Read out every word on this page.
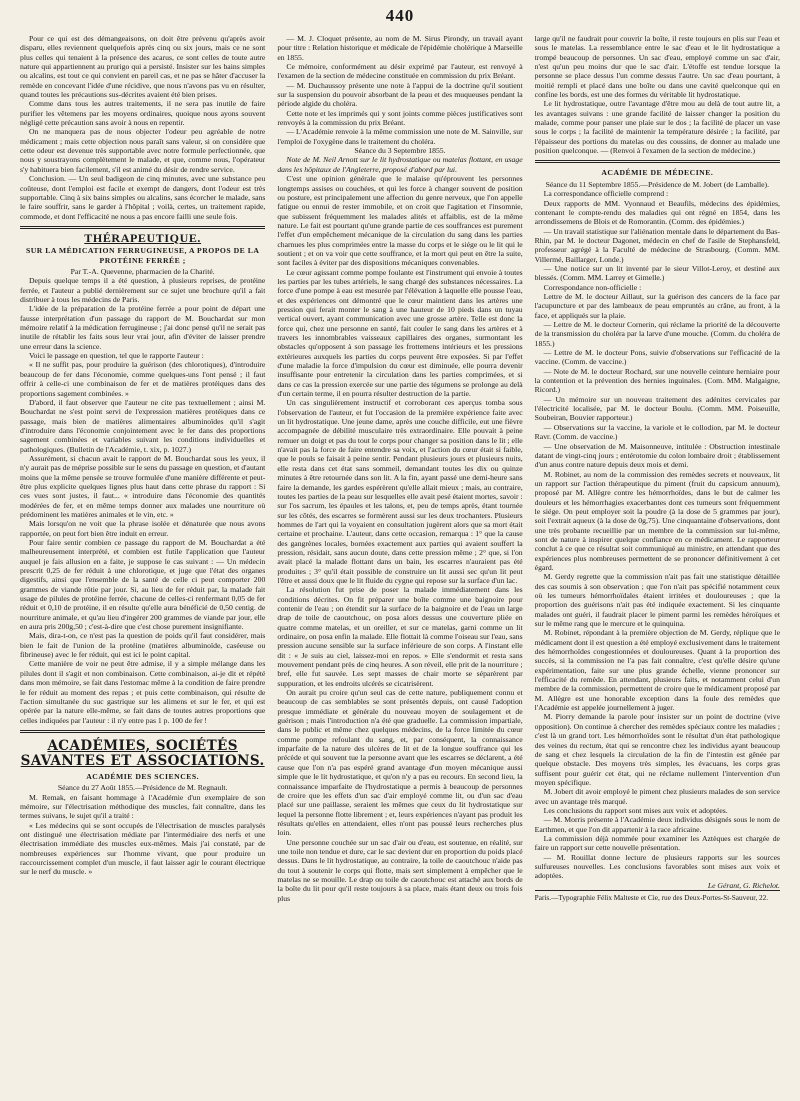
440

Pour ce qui est des démangeaisons, on doit être prévenu qu'après avoir disparu, elles reviennent quelquefois après cinq ou six jours, mais ce ne sont plus celles qui tenaient à la présence des acarus, ce sont celles de toute autre nature qui appartiennent au prurigo qui a persisté. Insister sur les bains simples ou alcalins, est tout ce qui convient en pareil cas, et ne pas se hâter d'accuser la remède en concevant l'idée d'une récidive, que nous n'avons pas vu en résulter, quand toutes les précautions sus-décrites avaient été bien prises.

Comme dans tous les autres traitements, il ne sera pas inutile de faire purifier les vêtemens par les moyens ordinaires, quoique nous ayons souvent négligé cette précaution sans avoir à nous en repentir.

On ne manquera pas de nous objecter l'odeur peu agréable de notre médicament ; mais cette objection nous paraît sans valeur, si on considère que cette odeur est devenue très supportable avec notre formule perfectionnée, que nous y soustrayons complètement le malade, et que, comme nous, l'opérateur s'y habituera bien facilement, s'il est animé du désir de rendre service.

Conclusion. — Un seul badigeon de cinq minutes, avec une substance peu coûteuse, dont l'emploi est facile et exempt de dangers, dont l'odeur est très supportable. Cinq à six bains simples ou alcalins, sans écorcher le malade, sans le faire souffrir, sans le garder à l'hôpital ; voilà, certes, un traitement rapide, commode, et dont l'efficacité ne nous a pas encore failli une seule fois.

THÉRAPEUTIQUE.
SUR LA MÉDICATION FERRUGINEUSE, A PROPOS DE LA PROTÉINE FERRÉE ;

Par T.-A. Quevenne, pharmacien de la Charité.

Depuis quelque temps il a été question, à plusieurs reprises, de protéine ferrée, et l'auteur a publié dernièrement sur ce sujet une brochure qu'il a fait distribuer à tous les médecins de Paris.

L'idée de la préparation de la protéine ferrée a pour point de départ une fausse interprétation d'un passage du rapport de M. Bouchardat sur mon mémoire relatif à la médication ferrugineuse ; j'ai donc pensé qu'il ne serait pas inutile de rétablir les faits sous leur vrai jour, afin d'éviter de laisser prendre une erreur dans la science.

Voici le passage en question, tel que le rapporte l'auteur :

« Il ne suffit pas, pour produire la guérison (des chlorotiques), d'introduire beaucoup de fer dans l'économie, comme quelques-uns l'ont pensé ; il faut offrir à celle-ci une combinaison de fer et de matières protéiques dans des proportions sagement combinées. »

D'abord, il faut observer que l'auteur ne cite pas textuellement ; ainsi M. Bouchardat ne s'est point servi de l'expression matières protéiques dans ce passage, mais bien de matières alimentaires albuminoïdes qu'il s'agit d'introduire dans l'économie conjointement avec le fer dans des proportions sagement combinées et variables suivant les conditions individuelles et pathologiques. (Bulletin de l'Académie, t. xix, p. 1027.)

Assurément, si chacun avait le rapport de M. Bouchardat sous les yeux, il n'y aurait pas de méprise possible sur le sens du passage en question, et d'autant moins que la même pensée se trouve formulée d'une manière différente et peut-être plus explicite quelques lignes plus haut dans cette phrase du rapport : Si ces vues sont justes, il faut... « introduire dans l'économie des quantités modérées de fer, et en même temps donner aux malades une nourriture où prédominent les matières animales et le vin, etc. »

Mais lorsqu'on ne voit que la phrase isolée et dénaturée que nous avons rapportée, on peut fort bien être induit en erreur.

Pour faire sentir combien ce passage du rapport de M. Bouchardat a été malheureusement interprété, et combien est futile l'application que l'auteur auquel je fais allusion en a faite, je suppose le cas suivant : — Un médecin prescrit 0,25 de fer réduit à une chlorotique, et juge que l'état des organes digestifs, ainsi que l'ensemble de la santé de celle ci peut comporter 200 grammes de viande rôtie par jour. Si, au lieu de fer réduit par, la malade fait usage de pilules de protéine ferrée, chacune de celles-ci renfermant 0,05 de fer réduit et 0,10 de protéine, il en résulte qu'elle aura bénéficié de 0,50 centig. de nourriture animale, et qu'au lieu d'ingérer 200 grammes de viande par jour, elle en aura pris 200g,50 ; c'est-à-dire que c'est chose purement insignifiante.

Mais, dira-t-on, ce n'est pas la question de poids qu'il faut considérer, mais bien le fait de l'union de la protéine (matières albuminoïde, caséeuse ou fibrineuse) avec le fer réduit, qui est ici le point capital.

Cette manière de voir ne peut être admise, il y a simple mélange dans les pilules dont il s'agit et non combinaison. Cette combinaison, ai-je dit et répété dans mon mémoire, se fait dans l'estomac même à la condition de faire prendre le fer réduit au moment des repas ; et puis cette combinaison, qui résulte de l'action simultanée du suc gastrique sur les alimens et sur le fer, et qui est opérée par la nature elle-même, se fait dans de toutes autres proportions que celles indiquées par l'auteur : il n'y entre pas 1 p. 100 de fer !

ACADÉMIES, SOCIÉTÉS SAVANTES ET ASSOCIATIONS.
ACADÉMIE DES SCIENCES.

Séance du 27 Août 1855.—Présidence de M. Regnault.

M. Remak, en faisant hommage à l'Académie d'un exemplaire de son mémoire, sur l'électrisation méthodique des muscles, fait connaître, dans les termes suivans, le sujet qu'il a traité :

« Les médecins qui se sont occupés de l'électrisation de muscles paralysés ont distingué une électrisation médiate par l'intermédiaire des nerfs et une électrisation immédiate des muscles eux-mêmes. Mais j'ai constaté, par de nombreuses expériences sur l'homme vivant, que pour produire un raccourcissement complet d'un muscle, il faut laisser agir le courant électrique sur le nerf du muscle. »

— M. J. Cloquet présente, au nom de M. Sirus Pirondy, un travail ayant pour titre : Relation historique et médicale de l'épidémie cholérique à Marseille en 1855.

Ce mémoire, conformément au désir exprimé par l'auteur, est renvoyé à l'examen de la section de médecine constituée en commission du prix Bréant.

— M. Duchaussoy présente une note à l'appui de la doctrine qu'il soutient sur la suspension du pouvoir absorbant de la peau et des muqueuses pendant la période algide du choléra.

Cette note et les imprimés qui y sont joints comme pièces justificatives sont renvoyés à la commission du prix Bréant.

— L'Académie renvoie à la même commission une note de M. Sainville, sur l'emploi de l'oxygène dans le traitement du choléra.

Séance du 3 Septembre 1855.

Note de M. Neil Arnott sur le lit hydrostatique ou matelas flottant, en usage dans les hôpitaux de l'Angleterre, proposé d'abord par lui.

C'est une opinion générale que le malaise qu'éprouvent les personnes longtemps assises ou couchées, et qui les force à changer souvent de position ou posture, est principalement une affection du genre nerveux, que l'on appelle fatigue ou ennui de rester immobile, et on croit que l'agitation et l'insomnie, que subissent fréquemment les malades alités et affaiblis, est de la même nature. Le fait est pourtant qu'une grande partie de ces souffrances est purement l'effet d'un empêchement mécanique de la circulation du sang dans les parties charnues les plus comprimées entre la masse du corps et le siége ou le lit qui le soutient ; et on va voir que cette souffrance, et la mort qui peut en être la suite, sont faciles à éviter par des dispositions mécaniques convenables.

Le cœur agissant comme pompe foulante est l'instrument qui envoie à toutes les parties par les tubes artériels, le sang chargé des substances nécessaires. La force d'une pompe à eau est mesurée par l'élévation à laquelle elle pousse l'eau, et des expériences ont démontré que le cœur maintient dans les artères une pression qui ferait monter le sang à une hauteur de 10 pieds dans un tuyau vertical ouvert, ayant communication avec une grosse artère. Telle est donc la force qui, chez une personne en santé, fait couler le sang dans les artères et à travers les innombrables vaisseaux capillaires des organes, surmontant les obstacles qu'opposent à son passage les frottemens intérieurs et les pressions extérieures auxquels les parties du corps peuvent être exposées. Si par l'effet d'une maladie la force d'impulsion du cœur est diminuée, elle pourra devenir insuffisante pour entretenir la circulation dans les parties comprimées, et si dans ce cas la pression exercée sur une partie des tégumens se prolonge au delà d'un certain terme, il en pourra résulter destruction de la partie.

Un cas singulièrement instructif et corroborant ces aperçus tomba sous l'observation de l'auteur, et fut l'occasion de la première expérience faite avec un lit hydrostatique. Une jeune dame, après une couche difficile, eut une fièvre accompagnée de débilité musculaire très extraordinaire. Elle pouvait à peine remuer un doigt et pas du tout le corps pour changer sa position dans le lit ; elle n'avait pas la force de faire entendre sa voix, et l'action du cœur était si faible, que le pouls se faisait à peine sentir. Pendant plusieurs jours et plusieurs nuits, elle resta dans cet état sans sommeil, demandant toutes les dix ou quinze minutes à être retournée dans son lit. A la fin, ayant passé une demi-heure sans faire la demande, les gardes espérèrent qu'elle allait mieux ; mais, au contraire, toutes les parties de la peau sur lesquelles elle avait pesé étaient mortes, savoir : sur l'os sacrum, les épaules et les talons, et, peu de temps après, étant tournée sur les côtés, des escarres se formèrent aussi sur les deux trochanters. Plusieurs hommes de l'art qui la voyaient en consultation jugèrent alors que sa mort était certaine et prochaine. L'auteur, dans cette occasion, remarqua : 1° que la cause des gangrènes locales, bornées exactement aux parties qui avaient souffert la pression, résidait, sans aucun doute, dans cette pression même ; 2° que, si l'on avait placé la malade flottant dans un bain, les escarres n'auraient pas été produites ; 3° qu'il était possible de construire un lit aussi sec qu'un lit peut l'être et aussi doux que le lit fluide du cygne qui repose sur la surface d'un lac.

La résolution fut prise de poser la malade immédiatement dans les conditions décrites. On fit préparer une boîte comme une baignoire pour contenir de l'eau ; on étendit sur la surface de la baignoire et de l'eau un large drap de toile de caoutchouc, on posa alors dessus une couverture pliée en quatre comme matelas, et un oreiller, et sur ce matelas, garni comme un lit ordinaire, on posa enfin la malade. Elle flottait là comme l'oiseau sur l'eau, sans pression aucune sensible sur la surface inférieure de son corps. A l'instant elle dit : « Je suis au ciel, laissez-moi en repos. » Elle s'endormit et resta sans mouvement pendant près de cinq heures. A son réveil, elle prit de la nourriture ; bref, elle fut sauvée. Les sept masses de chair morte se séparèrent par suppuration, et les endroits ulcérés se cicatrisèrent.

On aurait pu croire qu'un seul cas de cette nature, publiquement connu et beaucoup de cas semblables se sont présentés depuis, ont causé l'adoption presque immédiate et générale du nouveau moyen de soulagement et de guérison ; mais l'introduction n'a été que graduelle. La commission impartiale, dans le public et même chez quelques médecins, de la force limitée du cœur comme pompe refoulant du sang, et, par conséquent, la connaissance imparfaite de la nature des ulcères de lit et de la longue souffrance qui les précède et qui souvent tue la personne avant que les escarres se déclarent, a été cause que l'on n'a pas espéré grand avantage d'un moyen mécanique aussi simple que le lit hydrostatique, et qu'on n'y a pas eu recours. En second lieu, la connaissance imparfaite de l'hydrostatique a permis à beaucoup de personnes de croire que les effets d'un sac d'air employé comme lit, ou d'un sac d'eau placé sur une paillasse, seraient les mêmes que ceux du lit hydrostatique sur lequel la personne flotte librement ; et, leurs expériences n'ayant pas produit les résultats qu'elles en attendaient, elles n'ont pas poussé leurs recherches plus loin.

Une personne couchée sur un sac d'air ou d'eau, est soutenue, en réalité, sur une toile non tendue et dure, car le sac devient dur en proportion du poids placé dessus. Dans le lit hydrostatique, au contraire, la toile de caoutchouc n'aide pas du tout à soutenir le corps qui flotte, mais sert simplement à empêcher que le matelas ne se mouille. Le drap ou toile de caoutchouc est attaché aux bords de la boîte du lit pour qu'il reste toujours à sa place, mais étant deux ou trois fois plus

large qu'il ne faudrait pour couvrir la boîte, il reste toujours en plis sur l'eau et sous le matelas. La ressemblance entre le sac d'eau et le lit hydrostatique a trompé beaucoup de personnes. Un sac d'eau, employé comme un sac d'air, n'est qu'un peu moins dur que le sac d'air. L'étoffe est tendue lorsque la personne se place dessus l'un comme dessus l'autre. Un sac d'eau pourtant, à moitié rempli et placé dans une boîte ou dans une cavité quelconque qui en confine les bords, est une des formes du véritable lit hydrostatique.

Le lit hydrostatique, outre l'avantage d'être mou au delà de tout autre lit, a les avantages suivans : une grande facilité de laisser changer la position du malade, comme pour panser une plaie sur le dos ; la facilité de placer un vase sous le corps ; la facilité de maintenir la température désirée ; la facilité, par l'épaisseur des portions du matelas ou des coussins, de donner au malade une position quelconque. — (Renvoi à l'examen de la section de médecine.)

ACADÉMIE DE MÉDECINE.

Séance du 11 Septembre 1855.—Présidence de M. Jobert (de Lamballe).

La correspondance officielle comprend :

Deux rapports de MM. Vyonnaud et Beaufils, médecins des épidémies, contenant le compte-rendu des maladies qui ont régné en 1854, dans les arrondissemens de Blois et de Romorantin. (Comm. des épidémies.)

— Un travail statistique sur l'aliénation mentale dans le département du Bas-Rhin, par M. le docteur Dagonet, médecin en chef de l'asile de Stephansfeld, professeur agrégé à la Faculté de médecine de Strasbourg. (Comm. MM. Villermé, Baillarger, Londe.)

— Une notice sur un lit inventé par le sieur Villot-Leroy, et destiné aux blessés. (Comm. MM. Larrey et Gimelle.)

Correspondance non-officielle :

Lettre de M. le docteur Aillaut, sur la guérison des cancers de la face par l'acupuncture et par des lambeaux de peau empruntés au crâne, au front, à la face, et appliqués sur la plaie.

— Lettre de M. le docteur Cornerin, qui réclame la priorité de la découverte de la transmission du choléra par la larve d'une mouche. (Comm. du choléra de 1855.)

— Lettre de M. le docteur Pons, suivie d'observations sur l'efficacité de la vaccine. (Comm. de vaccine.)

— Note de M. le docteur Rochard, sur une nouvelle ceinture herniaire pour la contention et la prévention des hernies inguinales. (Com. MM. Malgaigne, Ricord.)

— Un mémoire sur un nouveau traitement des adénites cervicales par l'électricité localisée, par M. le docteur Boulu. (Comm. MM. Poiseuille, Soubeiran, Bouvier rapporteur.)

— Observations sur la vaccine, la variole et le collodion, par M. le docteur Ravr. (Comm. de vaccine.)

— Une observation de M. Maisonneuve, intitulée : Obstruction intestinale datant de vingt-cinq jours ; entérotomie du colon lombaire droit ; établissement d'un anus contre nature depuis deux mois et demi.

M. Robinet, au nom de la commission des remèdes secrets et nouveaux, lit un rapport sur l'action thérapeutique du piment (fruit du capsicum annuum), proposé par M. Allègre contre les hémorrhoïdes, dans le but de calmer les douleurs et les hémorrhagies exacerbantes dont ces tumeurs sont fréquemment le siége. On peut employer soit la poudre (à la dose de 5 grammes par jour), soit l'extrait aqueux (à la dose de 0g,75). Une cinquantaine d'observations, dont une très probante recueillie par un membre de la commission sur lui-même, sont de nature à inspirer quelque confiance en ce médicament. Le rapporteur conclut à ce que ce résultat soit communiqué au ministre, en attendant que des expériences plus nombreuses permettent de se prononcer définitivement à cet égard.

M. Gerdy regrette que la commission n'ait pas fait une statistique détaillée des cas soumis à son observation ; que l'on n'ait pas spécifié notamment ceux où les tumeurs hémorrhoïdales étaient irritées et douloureuses ; que la proportion des guérisons n'ait pas été indiquée exactement. Si les cinquante malades ont guéri, il faudrait placer le piment parmi les remèdes héroïques et sur le même rang que le mercure et le quinquina.

M. Robinet, répondant à la première objection de M. Gerdy, réplique que le médicament dont il est question a été employé exclusivement dans le traitement des hémorrhoïdes congestionnées et douloureuses. Quant à la proportion des succès, si la commission ne l'a pas fait connaître, c'est qu'elle désire qu'une expérimentation, faite sur une plus grande échelle, vienne prononcer sur l'efficacité du remède. En attendant, plusieurs faits, et notamment celui d'un membre de la commission, permettent de croire que le médicament proposé par M. Allègre est une honorable exception dans la foule des remèdes que l'Académie est appelée journellement à juger.

M. Piorry demande la parole pour insister sur un point de doctrine (vive opposition). On continue à chercher des remèdes spéciaux contre les maladies ; c'est là un grand tort. Les hémorrhoïdes sont le résultat d'un état pathologique des veines du rectum, état qui se rencontre chez les individus ayant beaucoup de sang et chez lesquels la circulation de la fin de l'intestin est gênée par quelque obstacle. Des moyens très simples, les évacuans, les corps gras suffisent pour guérir cet état, qui ne réclame nullement l'intervention d'un moyen spécifique.

M. Jobert dit avoir employé le piment chez plusieurs malades de son service avec un avantage très marqué.

Les conclusions du rapport sont mises aux voix et adoptées.

— M. Morris présente à l'Académie deux individus désignés sous le nom de Earthmen, et que l'on dit appartenir à la race africaine.

La commission déjà nommée pour examiner les Aztèques est chargée de faire un rapport sur cette nouvelle présentation.

— M. Rouillat donne lecture de plusieurs rapports sur les sources sulfureuses nouvelles. Les conclusions favorables sont mises aux voix et adoptées.

Le Gérant, G. Richelot.

Paris.—Typographie Félix Malteste et Cie, rue des Deux-Portes-St-Sauveur, 22.
